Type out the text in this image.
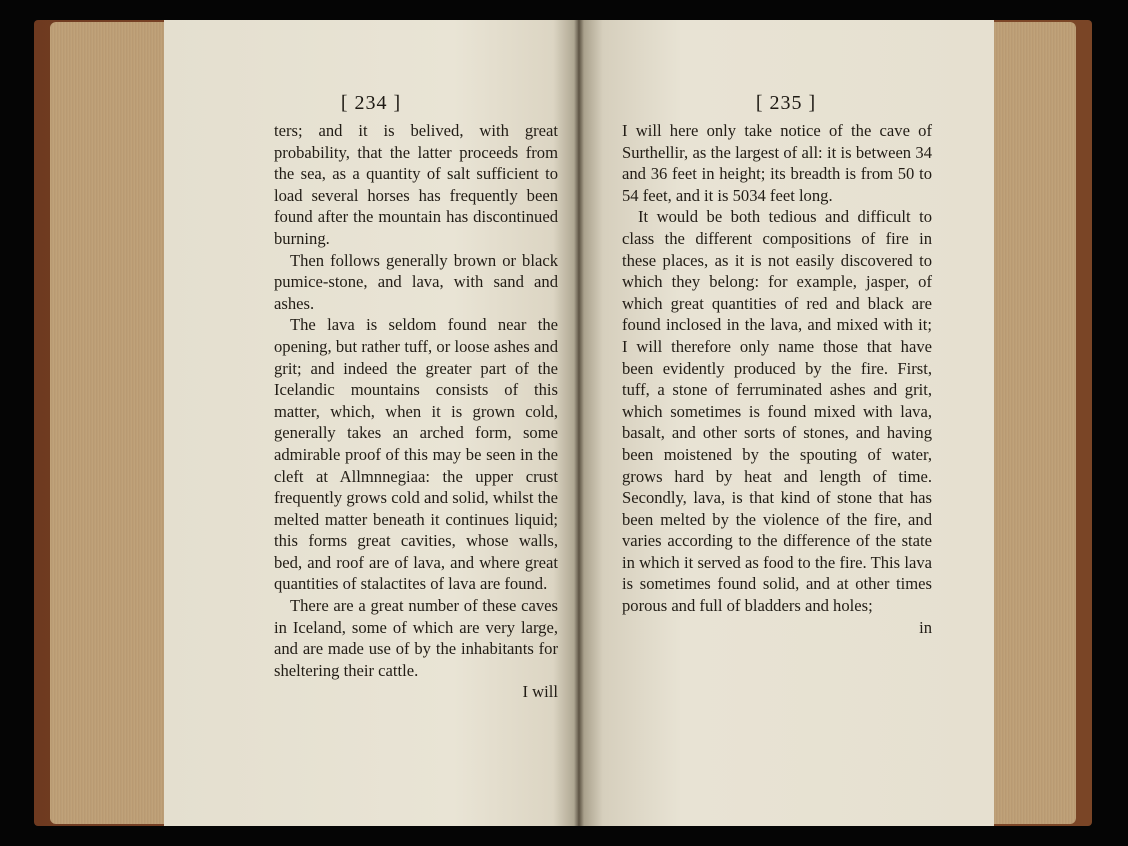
[ 234 ]

ters; and it is belived, with great probability, that the latter proceeds from the sea, as a quantity of salt sufficient to load several horses has frequently been found after the mountain has discontinued burning.

Then follows generally brown or black pumice-stone, and lava, with sand and ashes.

The lava is seldom found near the opening, but rather tuff, or loose ashes and grit; and indeed the greater part of the Icelandic mountains consists of this matter, which, when it is grown cold, generally takes an arched form, some admirable proof of this may be seen in the cleft at Allmnnegiaa: the upper crust frequently grows cold and solid, whilst the melted matter beneath it continues liquid; this forms great cavities, whose walls, bed, and roof are of lava, and where great quantities of stalactites of lava are found.

There are a great number of these caves in Iceland, some of which are very large, and are made use of by the inhabitants for sheltering their cattle.

I will
[ 235 ]

I will here only take notice of the cave of Surthellir, as the largest of all: it is between 34 and 36 feet in height; its breadth is from 50 to 54 feet, and it is 5034 feet long.

It would be both tedious and difficult to class the different compositions of fire in these places, as it is not easily discovered to which they belong: for example, jasper, of which great quantities of red and black are found inclosed in the lava, and mixed with it; I will therefore only name those that have been evidently produced by the fire. First, tuff, a stone of ferruminated ashes and grit, which sometimes is found mixed with lava, basalt, and other sorts of stones, and having been moistened by the spouting of water, grows hard by heat and length of time. Secondly, lava, is that kind of stone that has been melted by the violence of the fire, and varies according to the difference of the state in which it served as food to the fire. This lava is sometimes found solid, and at other times porous and full of bladders and holes;

in
